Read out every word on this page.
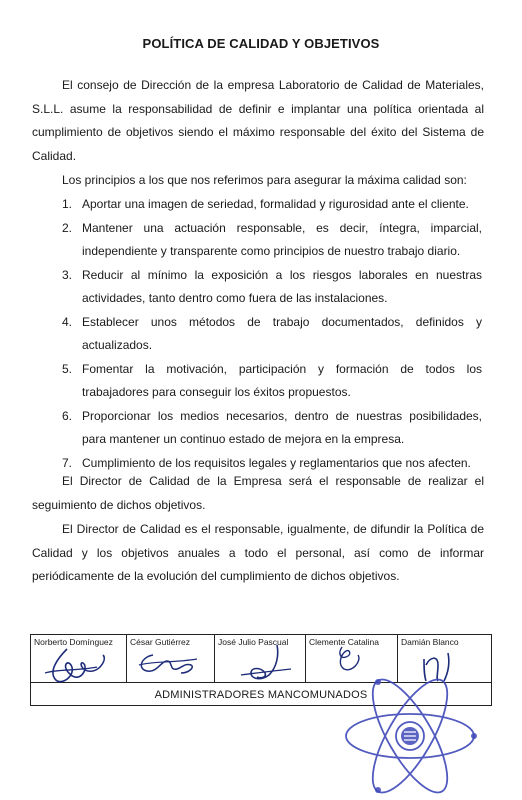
POLÍTICA DE CALIDAD Y OBJETIVOS

El consejo de Dirección de la empresa Laboratorio de Calidad de Materiales, S.L.L. asume la responsabilidad de definir e implantar una política orientada al cumplimiento de objetivos siendo el máximo responsable del éxito del Sistema de Calidad.

Los principios a los que nos referimos para asegurar la máxima calidad son:

1. Aportar una imagen de seriedad, formalidad y rigurosidad ante el cliente.
2. Mantener una actuación responsable, es decir, íntegra, imparcial, independiente y transparente como principios de nuestro trabajo diario.
3. Reducir al mínimo la exposición a los riesgos laborales en nuestras actividades, tanto dentro como fuera de las instalaciones.
4. Establecer unos métodos de trabajo documentados, definidos y actualizados.
5. Fomentar la motivación, participación y formación de todos los trabajadores para conseguir los éxitos propuestos.
6. Proporcionar los medios necesarios, dentro de nuestras posibilidades, para mantener un continuo estado de mejora en la empresa.
7. Cumplimiento de los requisitos legales y reglamentarios que nos afecten.

El Director de Calidad de la Empresa será el responsable de realizar el seguimiento de dichos objetivos.

El Director de Calidad es el responsable, igualmente, de difundir la Política de Calidad y los objetivos anuales a todo el personal, así como de informar periódicamente de la evolución del cumplimiento de dichos objetivos.

Norberto Domínguez	César Gutiérrez	José Julio Pascual	Clemente Catalina	Damián Blanco
ADMINISTRADORES MANCOMUNADOS
